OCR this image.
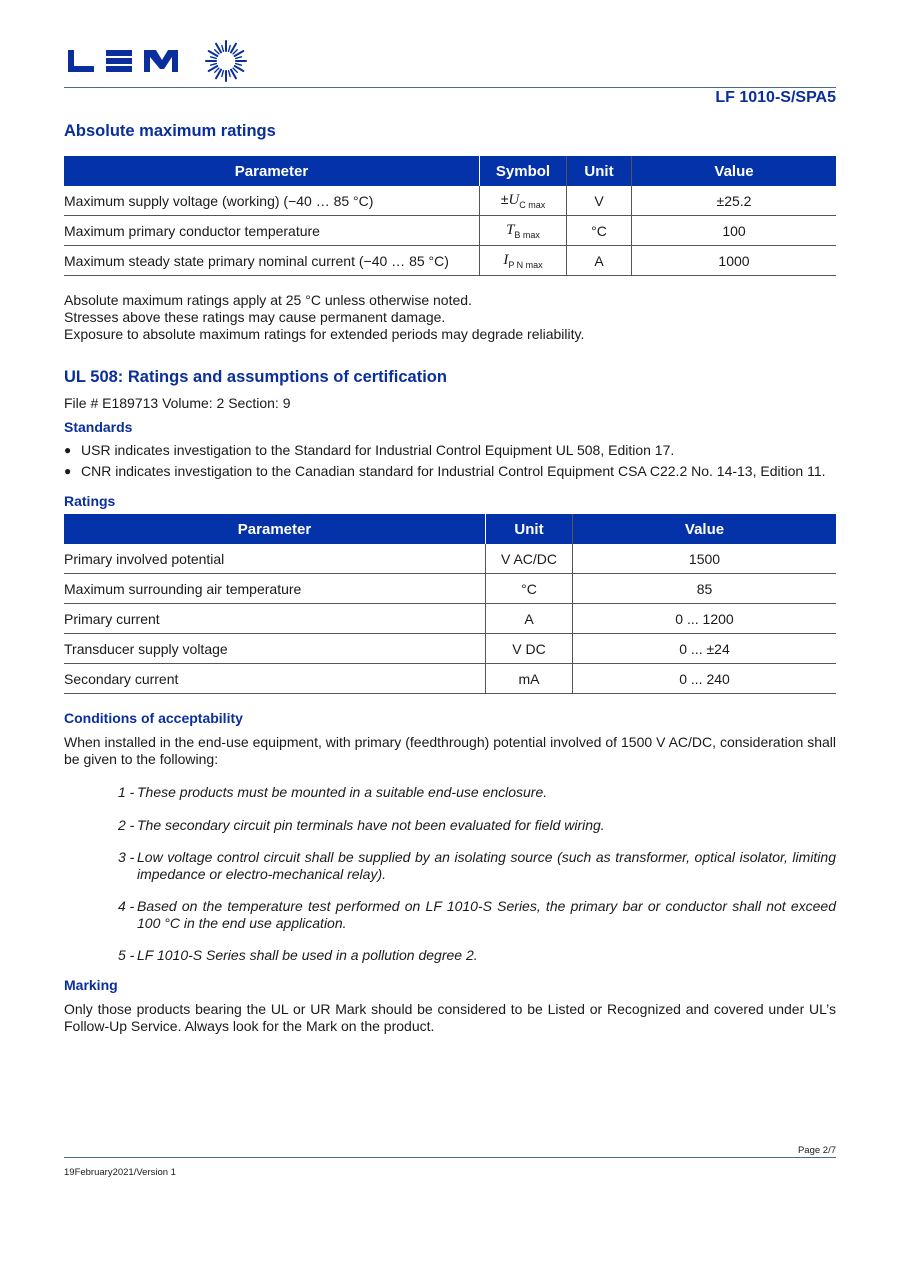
LF 1010-S/SPA5
Absolute maximum ratings
Parameter	Symbol	Unit	Value
Maximum supply voltage (working) (−40 … 85 °C)	$\pm U_{C max}$	V	±25.2
Maximum primary conductor temperature	$T_{B max}$	°C	100
Maximum steady state primary nominal current (−40 … 85 °C)	$I_{P N max}$	A	1000

Absolute maximum ratings apply at 25 °C unless otherwise noted.

Stresses above these ratings may cause permanent damage.

Exposure to absolute maximum ratings for extended periods may degrade reliability.

UL 508: Ratings and assumptions of certification

File # E189713 Volume: 2 Section: 9

Standards
● USR indicates investigation to the Standard for Industrial Control Equipment UL 508, Edition 17.
● CNR indicates investigation to the Canadian standard for Industrial Control Equipment CSA C22.2 No. 14-13, Edition 11.
Ratings
Parameter	Unit	Value
Primary involved potential	V AC/DC	1500
Maximum surrounding air temperature	°C	85
Primary current	A	0 ... 1200
Transducer supply voltage	V DC	0 ... ±24
Secondary current	mA	0 ... 240
Conditions of acceptability

When installed in the end-use equipment, with primary (feedthrough) potential involved of 1500 V AC/DC, consideration shall be given to the following:

1 - These products must be mounted in a suitable end-use enclosure.
2 - The secondary circuit pin terminals have not been evaluated for field wiring.
3 - Low voltage control circuit shall be supplied by an isolating source (such as transformer, optical isolator, limiting impedance or electro-mechanical relay).
4 - Based on the temperature test performed on LF 1010-S Series, the primary bar or conductor shall not exceed 100 °C in the end use application.
5 - LF 1010-S Series shall be used in a pollution degree 2.
Marking

Only those products bearing the UL or UR Mark should be considered to be Listed or Recognized and covered under UL’s Follow-Up Service. Always look for the Mark on the product.

Page 2/7
19February2021/Version 1
